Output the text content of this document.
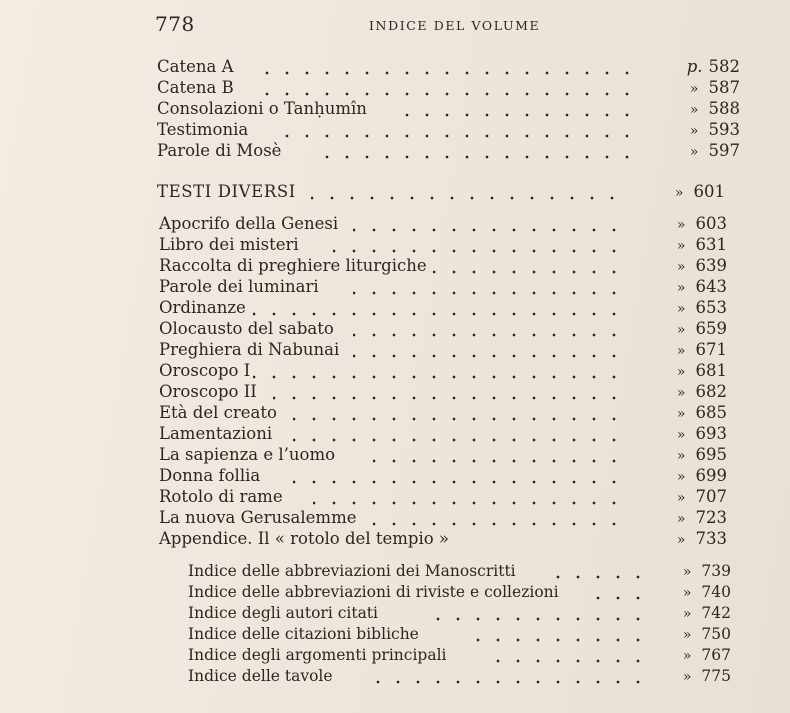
778	INDICE DEL VOLUME
Catena A	p. 582
Catena B	» 587
Consolazioni o Tanḥumîn	» 588
Testimonia	» 593
Parole di Mosè	» 597
TESTI DIVERSI	» 601
Apocrifo della Genesi	» 603
Libro dei misteri	» 631
Raccolta di preghiere liturgiche	» 639
Parole dei luminari	» 643
Ordinanze	» 653
Olocausto del sabato	» 659
Preghiera di Nabunai	» 671
Oroscopo I	» 681
Oroscopo II	» 682
Età del creato	» 685
Lamentazioni	» 693
La sapienza e l’uomo	» 695
Donna follia	» 699
Rotolo di rame	» 707
La nuova Gerusalemme	» 723
Appendice. Il « rotolo del tempio »	» 733
Indice delle abbreviazioni dei Manoscritti	» 739
Indice delle abbreviazioni di riviste e collezioni	» 740
Indice degli autori citati	» 742
Indice delle citazioni bibliche	» 750
Indice degli argomenti principali	» 767
Indice delle tavole	» 775
